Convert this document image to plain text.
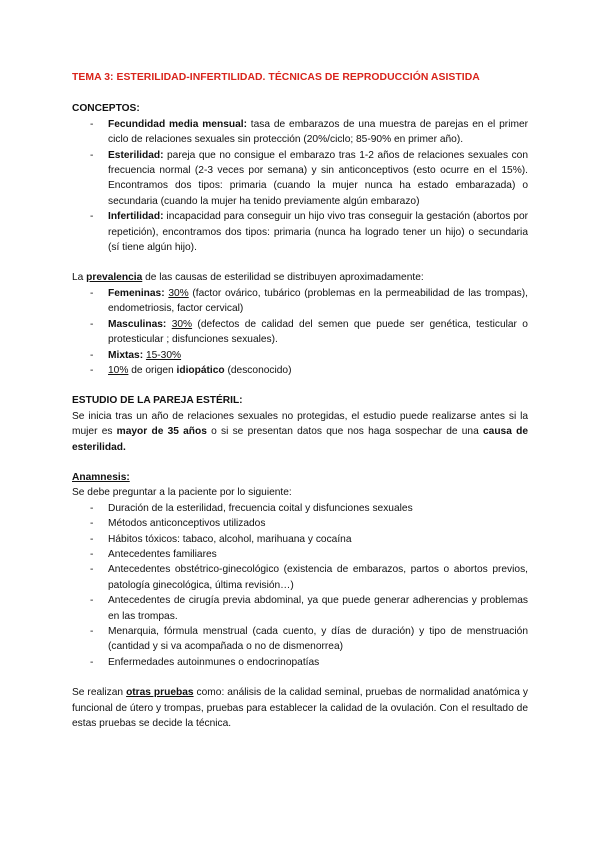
TEMA 3: ESTERILIDAD-INFERTILIDAD. TÉCNICAS DE REPRODUCCIÓN ASISTIDA

CONCEPTOS:

- Fecundidad media mensual: tasa de embarazos de una muestra de parejas en el primer ciclo de relaciones sexuales sin protección (20%/ciclo; 85-90% en primer año).
- Esterilidad: pareja que no consigue el embarazo tras 1-2 años de relaciones sexuales con frecuencia normal (2-3 veces por semana) y sin anticonceptivos (esto ocurre en el 15%). Encontramos dos tipos: primaria (cuando la mujer nunca ha estado embarazada) o secundaria (cuando la mujer ha tenido previamente algún embarazo)
- Infertilidad: incapacidad para conseguir un hijo vivo tras conseguir la gestación (abortos por repetición), encontramos dos tipos: primaria (nunca ha logrado tener un hijo) o secundaria (sí tiene algún hijo).

La prevalencia de las causas de esterilidad se distribuyen aproximadamente:

- Femeninas: 30% (factor ovárico, tubárico (problemas en la permeabilidad de las trompas), endometriosis, factor cervical)
- Masculinas: 30% (defectos de calidad del semen que puede ser genética, testicular o protesticular ; disfunciones sexuales).
- Mixtas: 15-30%
- 10% de origen idiopático (desconocido)

ESTUDIO DE LA PAREJA ESTÉRIL:

Se inicia tras un año de relaciones sexuales no protegidas, el estudio puede realizarse antes si la mujer es mayor de 35 años o si se presentan datos que nos haga sospechar de una causa de esterilidad.

Anamnesis:

Se debe preguntar a la paciente por lo siguiente:

- Duración de la esterilidad, frecuencia coital y disfunciones sexuales
- Métodos anticonceptivos utilizados
- Hábitos tóxicos: tabaco, alcohol, marihuana y cocaína
- Antecedentes familiares
- Antecedentes obstétrico-ginecológico (existencia de embarazos, partos o abortos previos, patología ginecológica, última revisión…)
- Antecedentes de cirugía previa abdominal, ya que puede generar adherencias y problemas en las trompas.
- Menarquia, fórmula menstrual (cada cuento, y días de duración) y tipo de menstruación (cantidad y si va acompañada o no de dismenorrea)
- Enfermedades autoinmunes o endocrinopatías

Se realizan otras pruebas como: análisis de la calidad seminal, pruebas de normalidad anatómica y funcional de útero y trompas, pruebas para establecer la calidad de la ovulación. Con el resultado de estas pruebas se decide la técnica.
